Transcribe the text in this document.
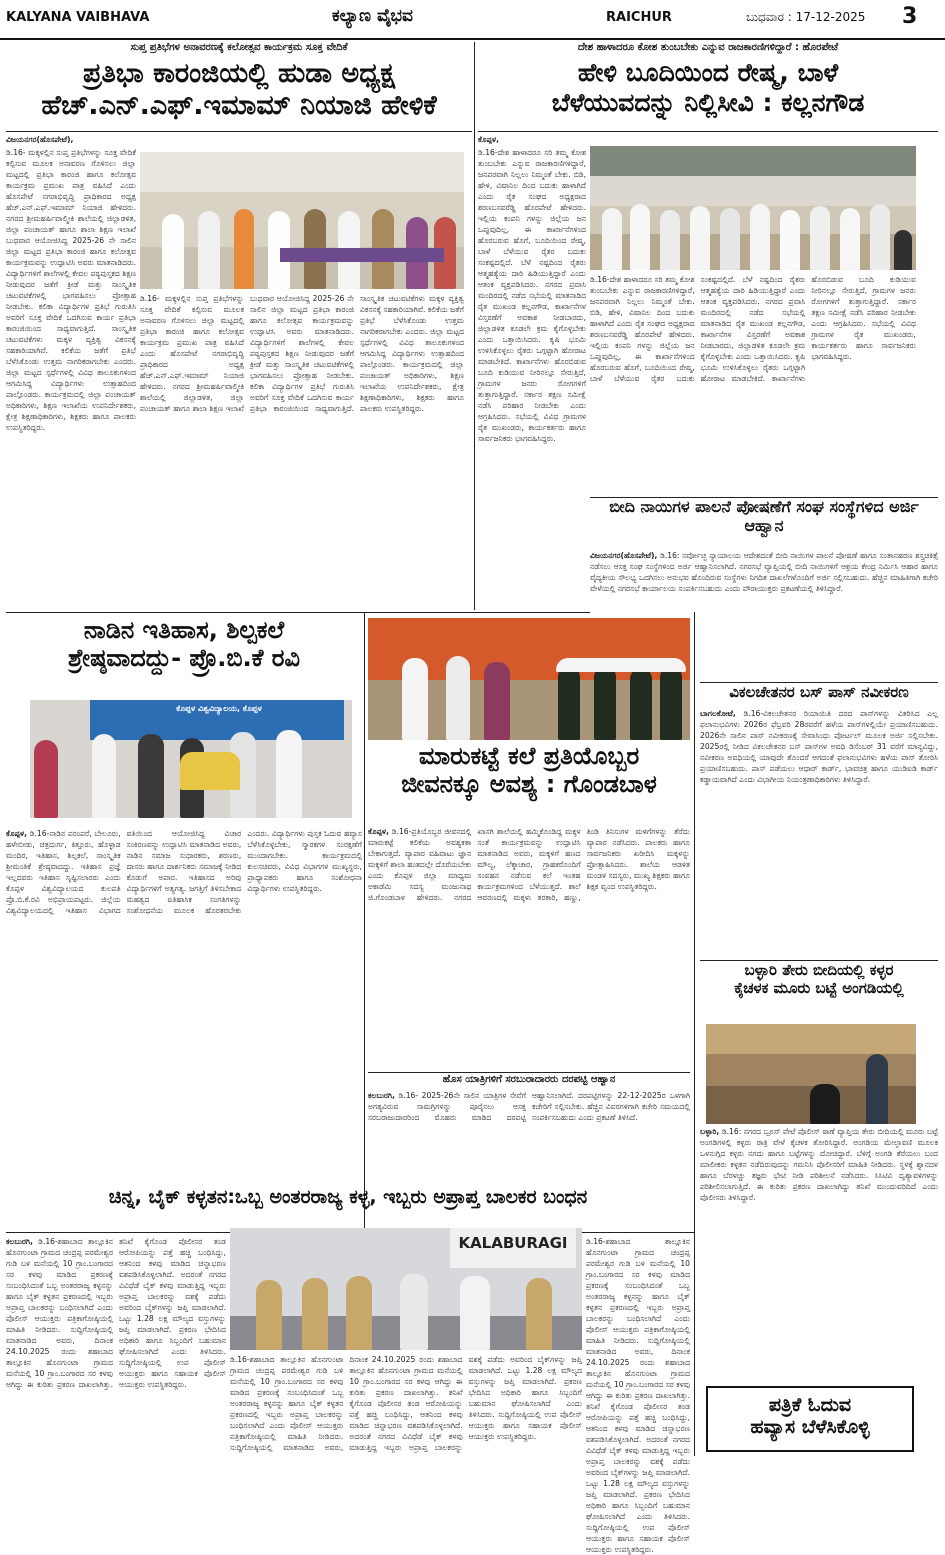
KALYANA VAIBHAVA	ಕಲ್ಯಾಣ ವೈಭವ	RAICHUR	ಬುಧವಾರ : 17-12-2025 3
ಸುಪ್ತ ಪ್ರತಿಭೆಗಳ ಅನಾವರಣಕ್ಕೆ ಕಲೋತ್ಸವ ಕಾರ್ಯಕ್ರಮ ಸೂಕ್ತ ವೇದಿಕೆ
ಪ್ರತಿಭಾ ಕಾರಂಜಿಯಲ್ಲಿ ಹುಡಾ ಅಧ್ಯಕ್ಷ
ಹೆಚ್.ಎನ್.ಎಫ್.ಇಮಾಮ್ ನಿಯಾಜಿ ಹೇಳಿಕೆ

ವಿಜಯನಗರ(ಹೊಸಪೇಟೆ),

ಡಿ.16- ಮಕ್ಕಳಲ್ಲಿನ ಸುಪ್ತ ಪ್ರತಿಭೆಗಳನ್ನು ಸೂಕ್ತ ವೇದಿಕೆ ಕಲ್ಪಿಸುವ ಮೂಲಕ ಅನಾವರಣ ಗೊಳಿಸಲು ಜಿಲ್ಲಾ ಮಟ್ಟದಲ್ಲಿ ಪ್ರತಿಭಾ ಕಾರಂಜಿ ಹಾಗೂ ಕಲೋತ್ಸವ ಕಾರ್ಯಕ್ರಮ ಪ್ರಮುಖ ಪಾತ್ರ ವಹಿಸಿದೆ ಎಂದು ಹೊಸಪೇಟೆ ನಗರಾಭಿವೃದ್ಧಿ ಪ್ರಾಧಿಕಾರದ ಅಧ್ಯಕ್ಷ ಹೆಚ್.ಎನ್.ಎಫ್.ಇಮಾಮ್ ನಿಯಾಜಿ ಹೇಳಿದರು. ನಗರದ ಶ್ರೀಮಹರ್ಷಿವಾಲ್ಮೀಕಿ ಶಾಲೆಯಲ್ಲಿ ಜಿಲ್ಲಾಡಳಿತ, ಜಿಲ್ಲಾ ಪಂಚಾಯತ್ ಹಾಗೂ ಶಾಲಾ ಶಿಕ್ಷಣ ಇಲಾಖೆ ಬುಧವಾರ ಆಯೋಜಿಸಿದ್ದ 2025-26 ನೇ ಸಾಲಿನ ಜಿಲ್ಲಾ ಮಟ್ಟದ ಪ್ರತಿಭಾ ಕಾರಂಜಿ ಹಾಗೂ ಕಲೋತ್ಸವ ಕಾರ್ಯಕ್ರಮವನ್ನು ಉದ್ಘಾಟಿಸಿ ಅವರು ಮಾತನಾಡಿದರು. ವಿದ್ಯಾರ್ಥಿಗಳಿಗೆ ಶಾಲೆಗಳಲ್ಲಿ ಕೇವಲ ಪಠ್ಯಪುಸ್ತಕದ ಶಿಕ್ಷಣ ನೀಡುವುದರ ಜತೆಗೆ ಕ್ರೀಡೆ ಮತ್ತು ಸಾಂಸ್ಕೃತಿಕ ಚಟುವಟಿಕೆಗಳಲ್ಲಿ ಭಾಗವಹಿಸಲು ಪ್ರೋತ್ಸಾಹ ನೀಡಬೇಕು. ಕಲಿಕಾ ವಿದ್ಯಾರ್ಥಿಗಳ ಪ್ರತಿಭೆ ಗುರುತಿಸಿ ಅವರಿಗೆ ಸೂಕ್ತ ವೇದಿಕೆ ಒದಗಿಸುವ ಕಾರ್ಯ ಪ್ರತಿಭಾ ಕಾರಂಜಿಯಿಂದ ಸಾಧ್ಯವಾಗುತ್ತಿದೆ. ಸಾಂಸ್ಕೃತಿಕ ಚಟುವಟಿಕೆಗಳು ಮಕ್ಕಳ ವ್ಯಕ್ತಿತ್ವ ವಿಕಸನಕ್ಕೆ ಸಹಕಾರಿಯಾಗಿವೆ. ಕಲಿಕೆಯ ಜತೆಗೆ ಪ್ರತಿಭೆ ಬೆಳೆಸಿಕೊಂಡು ಉತ್ತಮ ನಾಗರಿಕರಾಗಬೇಕು ಎಂದರು. ಜಿಲ್ಲಾ ಮಟ್ಟದ ಸ್ಪರ್ಧೆಗಳಲ್ಲಿ ವಿವಿಧ ತಾಲೂಕುಗಳಿಂದ ಆಗಮಿಸಿದ್ದ ವಿದ್ಯಾರ್ಥಿಗಳು ಉತ್ಸಾಹದಿಂದ ಪಾಲ್ಗೊಂಡರು. ಕಾರ್ಯಕ್ರಮದಲ್ಲಿ ಜಿಲ್ಲಾ ಪಂಚಾಯತ್ ಅಧಿಕಾರಿಗಳು, ಶಿಕ್ಷಣ ಇಲಾಖೆಯ ಉಪನಿರ್ದೇಶಕರು, ಕ್ಷೇತ್ರ ಶಿಕ್ಷಣಾಧಿಕಾರಿಗಳು, ಶಿಕ್ಷಕರು ಹಾಗೂ ಪಾಲಕರು ಉಪಸ್ಥಿತರಿದ್ದರು.

ಡಿ.16- ಮಕ್ಕಳಲ್ಲಿನ ಸುಪ್ತ ಪ್ರತಿಭೆಗಳನ್ನು ಸೂಕ್ತ ವೇದಿಕೆ ಕಲ್ಪಿಸುವ ಮೂಲಕ ಅನಾವರಣ ಗೊಳಿಸಲು ಜಿಲ್ಲಾ ಮಟ್ಟದಲ್ಲಿ ಪ್ರತಿಭಾ ಕಾರಂಜಿ ಹಾಗೂ ಕಲೋತ್ಸವ ಕಾರ್ಯಕ್ರಮ ಪ್ರಮುಖ ಪಾತ್ರ ವಹಿಸಿದೆ ಎಂದು ಹೊಸಪೇಟೆ ನಗರಾಭಿವೃದ್ಧಿ ಪ್ರಾಧಿಕಾರದ ಅಧ್ಯಕ್ಷ ಹೆಚ್.ಎನ್.ಎಫ್.ಇಮಾಮ್ ನಿಯಾಜಿ ಹೇಳಿದರು. ನಗರದ ಶ್ರೀಮಹರ್ಷಿವಾಲ್ಮೀಕಿ ಶಾಲೆಯಲ್ಲಿ ಜಿಲ್ಲಾಡಳಿತ, ಜಿಲ್ಲಾ ಪಂಚಾಯತ್ ಹಾಗೂ ಶಾಲಾ ಶಿಕ್ಷಣ ಇಲಾಖೆ ಬುಧವಾರ ಆಯೋಜಿಸಿದ್ದ 2025-26 ನೇ ಸಾಲಿನ ಜಿಲ್ಲಾ ಮಟ್ಟದ ಪ್ರತಿಭಾ ಕಾರಂಜಿ ಹಾಗೂ ಕಲೋತ್ಸವ ಕಾರ್ಯಕ್ರಮವನ್ನು ಉದ್ಘಾಟಿಸಿ ಅವರು ಮಾತನಾಡಿದರು. ವಿದ್ಯಾರ್ಥಿಗಳಿಗೆ ಶಾಲೆಗಳಲ್ಲಿ ಕೇವಲ ಪಠ್ಯಪುಸ್ತಕದ ಶಿಕ್ಷಣ ನೀಡುವುದರ ಜತೆಗೆ ಕ್ರೀಡೆ ಮತ್ತು ಸಾಂಸ್ಕೃತಿಕ ಚಟುವಟಿಕೆಗಳಲ್ಲಿ ಭಾಗವಹಿಸಲು ಪ್ರೋತ್ಸಾಹ ನೀಡಬೇಕು. ಕಲಿಕಾ ವಿದ್ಯಾರ್ಥಿಗಳ ಪ್ರತಿಭೆ ಗುರುತಿಸಿ ಅವರಿಗೆ ಸೂಕ್ತ ವೇದಿಕೆ ಒದಗಿಸುವ ಕಾರ್ಯ ಪ್ರತಿಭಾ ಕಾರಂಜಿಯಿಂದ ಸಾಧ್ಯವಾಗುತ್ತಿದೆ. ಸಾಂಸ್ಕೃತಿಕ ಚಟುವಟಿಕೆಗಳು ಮಕ್ಕಳ ವ್ಯಕ್ತಿತ್ವ ವಿಕಸನಕ್ಕೆ ಸಹಕಾರಿಯಾಗಿವೆ. ಕಲಿಕೆಯ ಜತೆಗೆ ಪ್ರತಿಭೆ ಬೆಳೆಸಿಕೊಂಡು ಉತ್ತಮ ನಾಗರಿಕರಾಗಬೇಕು ಎಂದರು. ಜಿಲ್ಲಾ ಮಟ್ಟದ ಸ್ಪರ್ಧೆಗಳಲ್ಲಿ ವಿವಿಧ ತಾಲೂಕುಗಳಿಂದ ಆಗಮಿಸಿದ್ದ ವಿದ್ಯಾರ್ಥಿಗಳು ಉತ್ಸಾಹದಿಂದ ಪಾಲ್ಗೊಂಡರು. ಕಾರ್ಯಕ್ರಮದಲ್ಲಿ ಜಿಲ್ಲಾ ಪಂಚಾಯತ್ ಅಧಿಕಾರಿಗಳು, ಶಿಕ್ಷಣ ಇಲಾಖೆಯ ಉಪನಿರ್ದೇಶಕರು, ಕ್ಷೇತ್ರ ಶಿಕ್ಷಣಾಧಿಕಾರಿಗಳು, ಶಿಕ್ಷಕರು ಹಾಗೂ ಪಾಲಕರು ಉಪಸ್ಥಿತರಿದ್ದರು.

ದೇಶ ಹಾಳಾದರೂ ಕೋಶ ತುಂಬಬೇಕು ಎನ್ನುವ ರಾಜಕಾರಣಿಗಳಿದ್ದಾರೆ : ಹೊರಪೇಟೆ
ಹೇಳಿ ಬೂದಿಯಿಂದ ರೇಷ್ಮ, ಬಾಳೆ
ಬೆಳೆಯುವದನ್ನು ನಿಲ್ಲಿಸೀವಿ : ಕಲ್ಲನಗೌಡ

ಕೊಪ್ಪಳ,

ಡಿ.16-ದೇಶ ಹಾಳಾದರೂ ಸರಿ ತಮ್ಮ ಕೋಶ ತುಂಬಬೇಕು ಎನ್ನುವ ರಾಜಕಾರಣಿಗಳಿದ್ದಾರೆ, ಜನಪರವಾಗಿ ನಿಲ್ಲಲು ನಿಮ್ಮಂತೆ ಬೇಕು. ಬಿಡಿ, ಹೇಳಿ, ವಿಷಾನಿಲ ದಿಂದ ಬದುಕು ಹಾಳಾಗಿದೆ ಎಂದು ರೈತ ಸಂಘದ ಅಧ್ಯಕ್ಷರಾದ ಶರಣಬಸವರೆಡ್ಡಿ ಹೊರಪೇಟೆ ಹೇಳಿದರು. ಇಲ್ಲಿಯ ಕಂಪನಿ ಗಳನ್ನು ಜಿಲ್ಲೆಯ ಜನ ಒಪ್ಪುವುದಿಲ್ಲ, ಈ ಕಾರ್ಖಾನೆಗಳಿಂದ ಹೊರಬರುವ ಹೊಗೆ, ಬೂದಿಯಿಂದ ರೇಷ್ಮ, ಬಾಳೆ ಬೆಳೆಯುವ ರೈತರ ಬದುಕು ಸಂಕಷ್ಟದಲ್ಲಿದೆ. ಬೆಳೆ ನಷ್ಟದಿಂದ ರೈತರು ಆತ್ಮಹತ್ಯೆಯ ದಾರಿ ಹಿಡಿಯುತ್ತಿದ್ದಾರೆ ಎಂದು ಆತಂಕ ವ್ಯಕ್ತಪಡಿಸಿದರು. ನಗರದ ಪ್ರವಾಸಿ ಮಂದಿರದಲ್ಲಿ ನಡೆದ ಸಭೆಯಲ್ಲಿ ಮಾತನಾಡಿದ ರೈತ ಮುಖಂಡ ಕಲ್ಲನಗೌಡ, ಕಾರ್ಖಾನೆಗಳ ವಿಸ್ತರಣೆಗೆ ಅವಕಾಶ ನೀಡಬಾರದು, ಜಿಲ್ಲಾಡಳಿತ ಕೂಡಲೇ ಕ್ರಮ ಕೈಗೊಳ್ಳಬೇಕು ಎಂದು ಒತ್ತಾಯಿಸಿದರು. ಕೃಷಿ ಭೂಮಿ ಉಳಿಸಿಕೊಳ್ಳಲು ರೈತರು ಒಗ್ಗಟ್ಟಾಗಿ ಹೋರಾಟ ಮಾಡಬೇಕಿದೆ. ಕಾರ್ಖಾನೆಗಳು ಹೊರಬಿಡುವ ಬೂದಿ ಕುಡಿಯುವ ನೀರಿನಲ್ಲೂ ಸೇರುತ್ತಿದೆ, ಗ್ರಾಮಗಳ ಜನರು ರೋಗಗಳಿಗೆ ತುತ್ತಾಗುತ್ತಿದ್ದಾರೆ. ಸರ್ಕಾರ ತಕ್ಷಣ ಸಮೀಕ್ಷೆ ನಡೆಸಿ ಪರಿಹಾರ ನೀಡಬೇಕು ಎಂದು ಆಗ್ರಹಿಸಿದರು. ಸಭೆಯಲ್ಲಿ ವಿವಿಧ ಗ್ರಾಮಗಳ ರೈತ ಮುಖಂಡರು, ಕಾರ್ಯಕರ್ತರು ಹಾಗೂ ಸಾರ್ವಜನಿಕರು ಭಾಗವಹಿಸಿದ್ದರು.

ಡಿ.16-ದೇಶ ಹಾಳಾದರೂ ಸರಿ ತಮ್ಮ ಕೋಶ ತುಂಬಬೇಕು ಎನ್ನುವ ರಾಜಕಾರಣಿಗಳಿದ್ದಾರೆ, ಜನಪರವಾಗಿ ನಿಲ್ಲಲು ನಿಮ್ಮಂತೆ ಬೇಕು. ಬಿಡಿ, ಹೇಳಿ, ವಿಷಾನಿಲ ದಿಂದ ಬದುಕು ಹಾಳಾಗಿದೆ ಎಂದು ರೈತ ಸಂಘದ ಅಧ್ಯಕ್ಷರಾದ ಶರಣಬಸವರೆಡ್ಡಿ ಹೊರಪೇಟೆ ಹೇಳಿದರು. ಇಲ್ಲಿಯ ಕಂಪನಿ ಗಳನ್ನು ಜಿಲ್ಲೆಯ ಜನ ಒಪ್ಪುವುದಿಲ್ಲ, ಈ ಕಾರ್ಖಾನೆಗಳಿಂದ ಹೊರಬರುವ ಹೊಗೆ, ಬೂದಿಯಿಂದ ರೇಷ್ಮ, ಬಾಳೆ ಬೆಳೆಯುವ ರೈತರ ಬದುಕು ಸಂಕಷ್ಟದಲ್ಲಿದೆ. ಬೆಳೆ ನಷ್ಟದಿಂದ ರೈತರು ಆತ್ಮಹತ್ಯೆಯ ದಾರಿ ಹಿಡಿಯುತ್ತಿದ್ದಾರೆ ಎಂದು ಆತಂಕ ವ್ಯಕ್ತಪಡಿಸಿದರು. ನಗರದ ಪ್ರವಾಸಿ ಮಂದಿರದಲ್ಲಿ ನಡೆದ ಸಭೆಯಲ್ಲಿ ಮಾತನಾಡಿದ ರೈತ ಮುಖಂಡ ಕಲ್ಲನಗೌಡ, ಕಾರ್ಖಾನೆಗಳ ವಿಸ್ತರಣೆಗೆ ಅವಕಾಶ ನೀಡಬಾರದು, ಜಿಲ್ಲಾಡಳಿತ ಕೂಡಲೇ ಕ್ರಮ ಕೈಗೊಳ್ಳಬೇಕು ಎಂದು ಒತ್ತಾಯಿಸಿದರು. ಕೃಷಿ ಭೂಮಿ ಉಳಿಸಿಕೊಳ್ಳಲು ರೈತರು ಒಗ್ಗಟ್ಟಾಗಿ ಹೋರಾಟ ಮಾಡಬೇಕಿದೆ. ಕಾರ್ಖಾನೆಗಳು ಹೊರಬಿಡುವ ಬೂದಿ ಕುಡಿಯುವ ನೀರಿನಲ್ಲೂ ಸೇರುತ್ತಿದೆ, ಗ್ರಾಮಗಳ ಜನರು ರೋಗಗಳಿಗೆ ತುತ್ತಾಗುತ್ತಿದ್ದಾರೆ. ಸರ್ಕಾರ ತಕ್ಷಣ ಸಮೀಕ್ಷೆ ನಡೆಸಿ ಪರಿಹಾರ ನೀಡಬೇಕು ಎಂದು ಆಗ್ರಹಿಸಿದರು. ಸಭೆಯಲ್ಲಿ ವಿವಿಧ ಗ್ರಾಮಗಳ ರೈತ ಮುಖಂಡರು, ಕಾರ್ಯಕರ್ತರು ಹಾಗೂ ಸಾರ್ವಜನಿಕರು ಭಾಗವಹಿಸಿದ್ದರು.

ಬೀದಿ ನಾಯಿಗಳ ಪಾಲನೆ ಪೋಷಣೆಗೆ ಸಂಘ ಸಂಸ್ಥೆಗಳಿದ ಅರ್ಜಿ ಆಹ್ವಾನ

ವಿಜಯನಗರ(ಹೊಸಪೇಟೆ), ಡಿ.16: ಸರ್ವೋಚ್ಛ ನ್ಯಾಯಾಲಯ ಆದೇಶದಂತೆ ಬೀದಿ ನಾಯಿಗಳ ಪಾಲನೆ ಪೋಷಣೆ ಹಾಗೂ ಸಂತಾನಹರಣ ಶಸ್ತ್ರಚಿಕಿತ್ಸೆ ನಡೆಸಲು ಆಸಕ್ತ ಸಂಘ ಸಂಸ್ಥೆಗಳಿಂದ ಅರ್ಜಿ ಆಹ್ವಾನಿಸಲಾಗಿದೆ. ನಗರಸಭೆ ವ್ಯಾಪ್ತಿಯಲ್ಲಿ ಬೀದಿ ನಾಯಿಗಳಿಗೆ ಆಶ್ರಯ ಕೇಂದ್ರ ನಿರ್ಮಿಸಿ ಆಹಾರ ಹಾಗೂ ವೈದ್ಯಕೀಯ ಸೌಲಭ್ಯ ಒದಗಿಸಲು ಅನುಭವ ಹೊಂದಿರುವ ಸಂಸ್ಥೆಗಳು ನಿಗದಿತ ದಾಖಲೆಗಳೊಂದಿಗೆ ಅರ್ಜಿ ಸಲ್ಲಿಸಬಹುದು. ಹೆಚ್ಚಿನ ಮಾಹಿತಿಗಾಗಿ ಕಚೇರಿ ವೇಳೆಯಲ್ಲಿ ನಗರಸಭೆ ಕಾರ್ಯಾಲಯ ಸಂಪರ್ಕಿಸಬಹುದು ಎಂದು ಪೌರಾಯುಕ್ತರು ಪ್ರಕಟಣೆಯಲ್ಲಿ ತಿಳಿಸಿದ್ದಾರೆ.

ವಿಕಲಚೇತನರ ಬಸ್ ಪಾಸ್ ನವೀಕರಣ

ಬಾಗಲಕೋಟೆ, ಡಿ.16-ವಿಕಲಚೇತನರ ರಿಯಾಯಿತಿ ದರದ ಪಾಸ್‌ಗಳನ್ನು ವಿತರಿಸಿದ ಎಲ್ಲ ಫಲಾನುಭವಿಗಳು 2026ರ ಫೆಬ್ರವರಿ 28ರವರೆಗೆ ಹಳೆಯ ಪಾಸ್‌ಗಳಲ್ಲಿಯೇ ಪ್ರಯಾಣಿಸಬಹುದು. 2026ನೇ ಸಾಲಿನ ಪಾಸ್ ನವೀಕರಣಕ್ಕೆ ಸೇವಾಸಿಂಧು ಪೋರ್ಟಲ್ ಮೂಲಕ ಅರ್ಜಿ ಸಲ್ಲಿಸಬೇಕು. 2025ರಲ್ಲಿ ನೀಡಿದ ವಿಕಲಚೇತನರ ಬಸ್ ಪಾಸ್‌ಗಳ ಅವಧಿ ಡಿಸೆಂಬರ್ 31 ವರೆಗೆ ಮಾನ್ಯವಿದ್ದು, ನವೀಕರಣ ಅವಧಿಯಲ್ಲಿ ಯಾವುದೇ ತೊಂದರೆ ಆಗದಂತೆ ಫಲಾನುಭವಿಗಳು ಹಳೆಯ ಪಾಸ್ ತೋರಿಸಿ ಪ್ರಯಾಣಿಸಬಹುದು. ಪಾಸ್ ಪಡೆಯಲು ಆಧಾರ್ ಕಾರ್ಡ್, ಭಾವಚಿತ್ರ ಹಾಗೂ ಯುಡಿಐಡಿ ಕಾರ್ಡ್ ಕಡ್ಡಾಯವಾಗಿದೆ ಎಂದು ವಿಭಾಗೀಯ ನಿಯಂತ್ರಣಾಧಿಕಾರಿಗಳು ತಿಳಿಸಿದ್ದಾರೆ.

ಬಳ್ಳಾರಿ ತೇರು ಬೀದಿಯಲ್ಲಿ ಕಳ್ಳರ
ಕೈಚಳಕ ಮೂರು ಬಟ್ಟೆ ಅಂಗಡಿಯಲ್ಲಿ

ಬಳ್ಳಾರಿ, ಡಿ.16: ನಗರದ ಬ್ರೂಸ್ ಪೇಟೆ ಪೊಲೀಸ್ ಠಾಣೆ ವ್ಯಾಪ್ತಿಯ ತೇರು ಬೀದಿಯಲ್ಲಿ ಮೂರು ಬಟ್ಟೆ ಅಂಗಡಿಗಳಲ್ಲಿ ಕಳ್ಳರು ರಾತ್ರಿ ವೇಳೆ ಕೈಚಳಕ ತೋರಿಸಿದ್ದಾರೆ. ಅಂಗಡಿಯ ಮೇಲ್ಛಾವಣಿ ಮೂಲಕ ಒಳನುಗ್ಗಿದ ಕಳ್ಳರು ನಗದು ಹಾಗೂ ಬಟ್ಟೆಗಳನ್ನು ದೋಚಿದ್ದಾರೆ. ಬೆಳಿಗ್ಗೆ ಅಂಗಡಿ ತೆರೆಯಲು ಬಂದ ಮಾಲೀಕರು ಕಳ್ಳತನ ನಡೆದಿರುವುದನ್ನು ಗಮನಿಸಿ ಪೊಲೀಸರಿಗೆ ಮಾಹಿತಿ ನೀಡಿದರು. ಸ್ಥಳಕ್ಕೆ ಶ್ವಾನದಳ ಹಾಗೂ ಬೆರಳಚ್ಚು ತಜ್ಞರು ಭೇಟಿ ನೀಡಿ ಪರಿಶೀಲನೆ ನಡೆಸಿದರು. ಸಿಸಿಟಿವಿ ದೃಶ್ಯಾವಳಿಗಳನ್ನು ಪರಿಶೀಲಿಸಲಾಗುತ್ತಿದೆ. ಈ ಕುರಿತು ಪ್ರಕರಣ ದಾಖಲಾಗಿದ್ದು ತನಿಖೆ ಮುಂದುವರಿದಿದೆ ಎಂದು ಪೊಲೀಸರು ತಿಳಿಸಿದ್ದಾರೆ.

ಪತ್ರಿಕೆ ಓದುವ
ಹವ್ಯಾಸ ಬೆಳೆಸಿಕೊಳ್ಳಿ
ನಾಡಿನ ಇತಿಹಾಸ, ಶಿಲ್ಪಕಲೆ
ಶ್ರೇಷ್ಠವಾದದ್ದು- ಪ್ರೊ.ಬಿ.ಕೆ ರವಿ
ಕೊಪ್ಪಳ ವಿಶ್ವವಿದ್ಯಾಲಯ, ಕೊಪ್ಪಳ

ಕೊಪ್ಪಳ, ಡಿ.16-ನಾಡಿನ ಪರಂಪರೆ, ಬೇಲೂರು, ಹಳೇಬೀಡು, ಚಿತ್ರದುರ್ಗ, ಕಿತ್ತೂರು, ಹೊಳ್ಳಾಡ ಮಂದಿರ, ಇತಿಹಾಸ, ಶಿಲ್ಪಕಲೆ, ಸಾಂಸ್ಕೃತಿಕ ಶ್ರೀಮಂತಿಕೆ ಶ್ರೇಷ್ಠವಾದದ್ದು. ಇತಿಹಾಸ ಪ್ರಜ್ಞೆ ಇಲ್ಲದವರು ಇತಿಹಾಸ ಸೃಷ್ಟಿಸಲಾರರು ಎಂದು ಕೊಪ್ಪಳ ವಿಶ್ವವಿದ್ಯಾಲಯದ ಕುಲಪತಿ ಪ್ರೊ.ಬಿ.ಕೆ.ರವಿ ಅಭಿಪ್ರಾಯಪಟ್ಟರು. ಜಿಲ್ಲೆಯ ವಿಶ್ವವಿದ್ಯಾಲಯದಲ್ಲಿ ಇತಿಹಾಸ ವಿಭಾಗದ ವತಿಯಿಂದ ಆಯೋಜಿಸಿದ್ದ ವಿಚಾರ ಸಂಕಿರಣವನ್ನು ಉದ್ಘಾಟಿಸಿ ಮಾತನಾಡಿದ ಅವರು, ನಾಡಿನ ಸಮಾಜ ಸುಧಾರಕರು, ಶರಣರು, ದಾಸರು ಹಾಗೂ ದಾರ್ಶನಿಕರು ಸಮಾಜಕ್ಕೆ ನೀಡಿದ ಕೊಡುಗೆ ಅಪಾರ. ಇತಿಹಾಸದ ಅರಿವು ವಿದ್ಯಾರ್ಥಿಗಳಿಗೆ ಅತ್ಯಗತ್ಯ. ಜಗತ್ತಿಗೆ ತಿಳಿಸಬೇಕಾದ ಮಹತ್ವದ ಐತಿಹಾಸಿಕ ಸಂಗತಿಗಳನ್ನು ಸಂಶೋಧನೆಯ ಮೂಲಕ ಹೊರತರಬೇಕು ಎಂದರು. ವಿದ್ಯಾರ್ಥಿಗಳು ಪುಸ್ತಕ ಓದುವ ಹವ್ಯಾಸ ಬೆಳೆಸಿಕೊಳ್ಳಬೇಕು, ಸ್ಮಾರಕಗಳ ಸಂರಕ್ಷಣೆಗೆ ಮುಂದಾಗಬೇಕು. ಕಾರ್ಯಕ್ರಮದಲ್ಲಿ ಕುಲಸಚಿವರು, ವಿವಿಧ ವಿಭಾಗಗಳ ಮುಖ್ಯಸ್ಥರು, ಪ್ರಾಧ್ಯಾಪಕರು ಹಾಗೂ ಸಂಶೋಧನಾ ವಿದ್ಯಾರ್ಥಿಗಳು ಉಪಸ್ಥಿತರಿದ್ದರು.

ಮಾರುಕಟ್ಟೆ ಕಲೆ ಪ್ರತಿಯೊಬ್ಬರ
ಜೀವನಕ್ಕೂ ಅವಶ್ಯ : ಗೊಂಡಬಾಳ

ಕೊಪ್ಪಳ, ಡಿ.16-ಪ್ರತಿಯೊಬ್ಬರ ಜೀವನದಲ್ಲಿ ಮಾರುಕಟ್ಟೆ ಕಲಿಕೆಯ ಅವಶ್ಯಕತಾ ಬೇಕಾಗುತ್ತದೆ. ವ್ಯಾಪಾರ ವಹಿವಾಟು ಜ್ಞಾನ ಮಕ್ಕಳಿಗೆ ಶಾಲಾ ಹಂತದಲ್ಲೇ ದೊರೆಯಬೇಕು ಎಂದು ಕೊಪ್ಪಳ ಜಿಲ್ಲಾ ಮಾಧ್ಯಮ ಅಕಾಡೆಮಿ ಸದಸ್ಯ ಮಂಜುನಾಥ ಜಿ.ಗೊಂಡಬಾಳ ಹೇಳಿದರು. ನಗರದ ಖಾಸಗಿ ಶಾಲೆಯಲ್ಲಿ ಹಮ್ಮಿಕೊಂಡಿದ್ದ ಮಕ್ಕಳ ಸಂತೆ ಕಾರ್ಯಕ್ರಮವನ್ನು ಉದ್ಘಾಟಿಸಿ ಮಾತನಾಡಿದ ಅವರು, ಮಕ್ಕಳಿಗೆ ಹಣದ ಮೌಲ್ಯ, ಲೆಕ್ಕಾಚಾರ, ಗ್ರಾಹಕರೊಂದಿಗೆ ಸಂವಹನ ನಡೆಸುವ ಕಲೆ ಇಂತಹ ಕಾರ್ಯಕ್ರಮಗಳಿಂದ ಬೆಳೆಯುತ್ತದೆ. ಶಾಲೆ ಆವರಣದಲ್ಲಿ ಮಕ್ಕಳು ತರಕಾರಿ, ಹಣ್ಣು, ತಿಂಡಿ ತಿನಿಸುಗಳ ಮಳಿಗೆಗಳನ್ನು ತೆರೆದು ವ್ಯಾಪಾರ ನಡೆಸಿದರು. ಪಾಲಕರು ಹಾಗೂ ಸಾರ್ವಜನಿಕರು ಖರೀದಿಸಿ ಮಕ್ಕಳನ್ನು ಪ್ರೋತ್ಸಾಹಿಸಿದರು. ಶಾಲೆಯ ಆಡಳಿತ ಮಂಡಳಿ ಸದಸ್ಯರು, ಮುಖ್ಯ ಶಿಕ್ಷಕರು ಹಾಗೂ ಶಿಕ್ಷಕ ವೃಂದ ಉಪಸ್ಥಿತರಿದ್ದರು.

ಹೊಸ ಯಾತ್ರಿಗಳಿಗೆ ಸರಬುರಾದಾರರು ದರಪಟ್ಟಿ ಆಹ್ವಾನ

ಕಲಬುರಗಿ, ಡಿ.16- 2025-26ನೇ ಸಾಲಿನ ಯಾತ್ರಿಗಳ ಸೇವೆಗೆ ಅಗತ್ಯವಿರುವ ಸಾಮಗ್ರಿಗಳನ್ನು ಪೂರೈಸಲು ಆಸಕ್ತ ಸರಬರಾಜುದಾರರಿಂದ ಮೊಹರು ಮಾಡಿದ ದರಪಟ್ಟಿ ಆಹ್ವಾನಿಸಲಾಗಿದೆ. ದರಪಟ್ಟಿಗಳನ್ನು 22-12-2025ರ ಒಳಗಾಗಿ ಕಚೇರಿಗೆ ಸಲ್ಲಿಸಬೇಕು. ಹೆಚ್ಚಿನ ವಿವರಗಳಿಗಾಗಿ ಕಚೇರಿ ಸಮಯದಲ್ಲಿ ಸಂಪರ್ಕಿಸಬಹುದು ಎಂದು ಪ್ರಕಟಣೆ ತಿಳಿಸಿದೆ.

ಚಿನ್ನ, ಬೈಕ್ ಕಳ್ಳತನ:ಒಬ್ಬ ಅಂತರರಾಜ್ಯ ಕಳ್ಳ, ಇಬ್ಬರು ಅಪ್ರಾಪ್ತ ಬಾಲಕರ ಬಂಧನ
KALABURAGI

ಕಲಬುರಗಿ, ಡಿ.16-ಶಹಾಬಾದ ತಾಲ್ಲೂಕಿನ ಹೊನಗುಂಟಾ ಗ್ರಾಮದ ಚಂದ್ರಪ್ಪ ಪರಮೇಶ್ವರ ಗುಡಿ ಬಳಿ ಮನೆಯಲ್ಲಿ 10 ಗ್ರಾಂ.ಬಂಗಾರದ ಸರ ಕಳವು ಮಾಡಿದ ಪ್ರಕರಣಕ್ಕೆ ಸಂಬಂಧಿಸಿದಂತೆ ಒಬ್ಬ ಅಂತರರಾಜ್ಯ ಕಳ್ಳನನ್ನು ಹಾಗೂ ಬೈಕ್ ಕಳ್ಳತನ ಪ್ರಕರಣದಲ್ಲಿ ಇಬ್ಬರು ಅಪ್ರಾಪ್ತ ಬಾಲಕರನ್ನು ಬಂಧಿಸಲಾಗಿದೆ ಎಂದು ಪೊಲೀಸ್ ಆಯುಕ್ತರು ಪತ್ರಿಕಾಗೋಷ್ಠಿಯಲ್ಲಿ ಮಾಹಿತಿ ನೀಡಿದರು. ಸುದ್ದಿಗೋಷ್ಠಿಯಲ್ಲಿ ಮಾತನಾಡಿದ ಅವರು, ದಿನಾಂಕ 24.10.2025 ರಂದು ಶಹಾಬಾದ ತಾಲ್ಲೂಕಿನ ಹೊನಗುಂಟಾ ಗ್ರಾಮದ ಮನೆಯಲ್ಲಿ 10 ಗ್ರಾಂ.ಬಂಗಾರದ ಸರ ಕಳವು ಆಗಿದ್ದು ಈ ಕುರಿತು ಪ್ರಕರಣ ದಾಖಲಾಗಿತ್ತು. ತನಿಖೆ ಕೈಗೊಂಡ ಪೊಲೀಸರ ತಂಡ ಆರೋಪಿಯನ್ನು ಪತ್ತೆ ಹಚ್ಚಿ ಬಂಧಿಸಿದ್ದು, ಆತನಿಂದ ಕಳವು ಮಾಡಿದ ಚಿನ್ನಾಭರಣ ವಶಪಡಿಸಿಕೊಳ್ಳಲಾಗಿದೆ. ಅದರಂತೆ ನಗರದ ವಿವಿಧೆಡೆ ಬೈಕ್ ಕಳವು ಮಾಡುತ್ತಿದ್ದ ಇಬ್ಬರು ಅಪ್ರಾಪ್ತ ಬಾಲಕರನ್ನು ವಶಕ್ಕೆ ಪಡೆದು ಅವರಿಂದ ಬೈಕ್‌ಗಳನ್ನು ಜಪ್ತಿ ಮಾಡಲಾಗಿದೆ. ಒಟ್ಟು 1.28 ಲಕ್ಷ ಮೌಲ್ಯದ ವಸ್ತುಗಳನ್ನು ಜಪ್ತಿ ಮಾಡಲಾಗಿದೆ. ಪ್ರಕರಣ ಭೇದಿಸಿದ ಅಧಿಕಾರಿ ಹಾಗೂ ಸಿಬ್ಬಂದಿಗೆ ಬಹುಮಾನ ಘೋಷಿಸಲಾಗಿದೆ ಎಂದು ತಿಳಿಸಿದರು. ಸುದ್ದಿಗೋಷ್ಠಿಯಲ್ಲಿ ಉಪ ಪೊಲೀಸ್ ಆಯುಕ್ತರು ಹಾಗೂ ಸಹಾಯಕ ಪೊಲೀಸ್ ಆಯುಕ್ತರು ಉಪಸ್ಥಿತರಿದ್ದರು.

ಡಿ.16-ಶಹಾಬಾದ ತಾಲ್ಲೂಕಿನ ಹೊನಗುಂಟಾ ಗ್ರಾಮದ ಚಂದ್ರಪ್ಪ ಪರಮೇಶ್ವರ ಗುಡಿ ಬಳಿ ಮನೆಯಲ್ಲಿ 10 ಗ್ರಾಂ.ಬಂಗಾರದ ಸರ ಕಳವು ಮಾಡಿದ ಪ್ರಕರಣಕ್ಕೆ ಸಂಬಂಧಿಸಿದಂತೆ ಒಬ್ಬ ಅಂತರರಾಜ್ಯ ಕಳ್ಳನನ್ನು ಹಾಗೂ ಬೈಕ್ ಕಳ್ಳತನ ಪ್ರಕರಣದಲ್ಲಿ ಇಬ್ಬರು ಅಪ್ರಾಪ್ತ ಬಾಲಕರನ್ನು ಬಂಧಿಸಲಾಗಿದೆ ಎಂದು ಪೊಲೀಸ್ ಆಯುಕ್ತರು ಪತ್ರಿಕಾಗೋಷ್ಠಿಯಲ್ಲಿ ಮಾಹಿತಿ ನೀಡಿದರು. ಸುದ್ದಿಗೋಷ್ಠಿಯಲ್ಲಿ ಮಾತನಾಡಿದ ಅವರು, ದಿನಾಂಕ 24.10.2025 ರಂದು ಶಹಾಬಾದ ತಾಲ್ಲೂಕಿನ ಹೊನಗುಂಟಾ ಗ್ರಾಮದ ಮನೆಯಲ್ಲಿ 10 ಗ್ರಾಂ.ಬಂಗಾರದ ಸರ ಕಳವು ಆಗಿದ್ದು ಈ ಕುರಿತು ಪ್ರಕರಣ ದಾಖಲಾಗಿತ್ತು. ತನಿಖೆ ಕೈಗೊಂಡ ಪೊಲೀಸರ ತಂಡ ಆರೋಪಿಯನ್ನು ಪತ್ತೆ ಹಚ್ಚಿ ಬಂಧಿಸಿದ್ದು, ಆತನಿಂದ ಕಳವು ಮಾಡಿದ ಚಿನ್ನಾಭರಣ ವಶಪಡಿಸಿಕೊಳ್ಳಲಾಗಿದೆ. ಅದರಂತೆ ನಗರದ ವಿವಿಧೆಡೆ ಬೈಕ್ ಕಳವು ಮಾಡುತ್ತಿದ್ದ ಇಬ್ಬರು ಅಪ್ರಾಪ್ತ ಬಾಲಕರನ್ನು ವಶಕ್ಕೆ ಪಡೆದು ಅವರಿಂದ ಬೈಕ್‌ಗಳನ್ನು ಜಪ್ತಿ ಮಾಡಲಾಗಿದೆ. ಒಟ್ಟು 1.28 ಲಕ್ಷ ಮೌಲ್ಯದ ವಸ್ತುಗಳನ್ನು ಜಪ್ತಿ ಮಾಡಲಾಗಿದೆ. ಪ್ರಕರಣ ಭೇದಿಸಿದ ಅಧಿಕಾರಿ ಹಾಗೂ ಸಿಬ್ಬಂದಿಗೆ ಬಹುಮಾನ ಘೋಷಿಸಲಾಗಿದೆ ಎಂದು ತಿಳಿಸಿದರು. ಸುದ್ದಿಗೋಷ್ಠಿಯಲ್ಲಿ ಉಪ ಪೊಲೀಸ್ ಆಯುಕ್ತರು ಹಾಗೂ ಸಹಾಯಕ ಪೊಲೀಸ್ ಆಯುಕ್ತರು ಉಪಸ್ಥಿತರಿದ್ದರು.

ಡಿ.16-ಶಹಾಬಾದ ತಾಲ್ಲೂಕಿನ ಹೊನಗುಂಟಾ ಗ್ರಾಮದ ಚಂದ್ರಪ್ಪ ಪರಮೇಶ್ವರ ಗುಡಿ ಬಳಿ ಮನೆಯಲ್ಲಿ 10 ಗ್ರಾಂ.ಬಂಗಾರದ ಸರ ಕಳವು ಮಾಡಿದ ಪ್ರಕರಣಕ್ಕೆ ಸಂಬಂಧಿಸಿದಂತೆ ಒಬ್ಬ ಅಂತರರಾಜ್ಯ ಕಳ್ಳನನ್ನು ಹಾಗೂ ಬೈಕ್ ಕಳ್ಳತನ ಪ್ರಕರಣದಲ್ಲಿ ಇಬ್ಬರು ಅಪ್ರಾಪ್ತ ಬಾಲಕರನ್ನು ಬಂಧಿಸಲಾಗಿದೆ ಎಂದು ಪೊಲೀಸ್ ಆಯುಕ್ತರು ಪತ್ರಿಕಾಗೋಷ್ಠಿಯಲ್ಲಿ ಮಾಹಿತಿ ನೀಡಿದರು. ಸುದ್ದಿಗೋಷ್ಠಿಯಲ್ಲಿ ಮಾತನಾಡಿದ ಅವರು, ದಿನಾಂಕ 24.10.2025 ರಂದು ಶಹಾಬಾದ ತಾಲ್ಲೂಕಿನ ಹೊನಗುಂಟಾ ಗ್ರಾಮದ ಮನೆಯಲ್ಲಿ 10 ಗ್ರಾಂ.ಬಂಗಾರದ ಸರ ಕಳವು ಆಗಿದ್ದು ಈ ಕುರಿತು ಪ್ರಕರಣ ದಾಖಲಾಗಿತ್ತು. ತನಿಖೆ ಕೈಗೊಂಡ ಪೊಲೀಸರ ತಂಡ ಆರೋಪಿಯನ್ನು ಪತ್ತೆ ಹಚ್ಚಿ ಬಂಧಿಸಿದ್ದು, ಆತನಿಂದ ಕಳವು ಮಾಡಿದ ಚಿನ್ನಾಭರಣ ವಶಪಡಿಸಿಕೊಳ್ಳಲಾಗಿದೆ. ಅದರಂತೆ ನಗರದ ವಿವಿಧೆಡೆ ಬೈಕ್ ಕಳವು ಮಾಡುತ್ತಿದ್ದ ಇಬ್ಬರು ಅಪ್ರಾಪ್ತ ಬಾಲಕರನ್ನು ವಶಕ್ಕೆ ಪಡೆದು ಅವರಿಂದ ಬೈಕ್‌ಗಳನ್ನು ಜಪ್ತಿ ಮಾಡಲಾಗಿದೆ. ಒಟ್ಟು 1.28 ಲಕ್ಷ ಮೌಲ್ಯದ ವಸ್ತುಗಳನ್ನು ಜಪ್ತಿ ಮಾಡಲಾಗಿದೆ. ಪ್ರಕರಣ ಭೇದಿಸಿದ ಅಧಿಕಾರಿ ಹಾಗೂ ಸಿಬ್ಬಂದಿಗೆ ಬಹುಮಾನ ಘೋಷಿಸಲಾಗಿದೆ ಎಂದು ತಿಳಿಸಿದರು. ಸುದ್ದಿಗೋಷ್ಠಿಯಲ್ಲಿ ಉಪ ಪೊಲೀಸ್ ಆಯುಕ್ತರು ಹಾಗೂ ಸಹಾಯಕ ಪೊಲೀಸ್ ಆಯುಕ್ತರು ಉಪಸ್ಥಿತರಿದ್ದರು.
